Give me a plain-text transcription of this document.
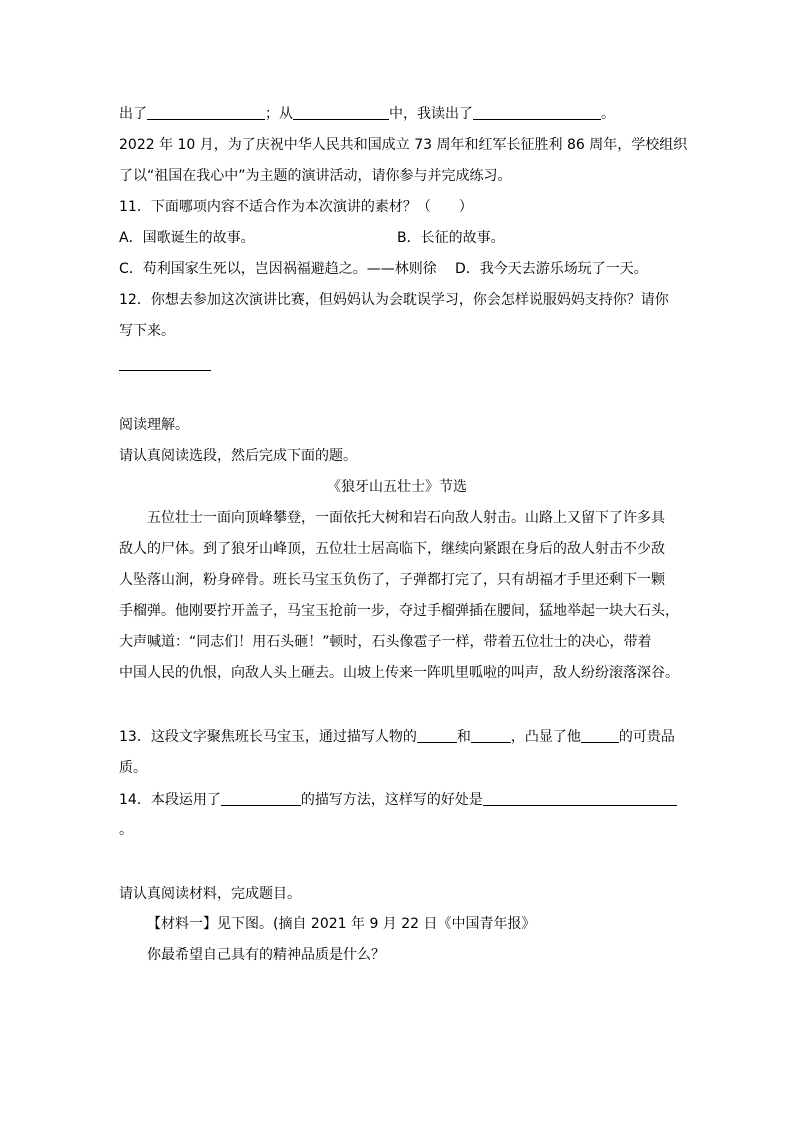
出了	；从	中，我读出了	。
2022 年 10 月，为了庆祝中华人民共和国成立 73 周年和红军长征胜利 86 周年，学校组织
了以“祖国在我心中”为主题的演讲活动，请你参与并完成练习。
11．下面哪项内容不适合作为本次演讲的素材？（　　）
A．国歌诞生的故事。	B．长征的故事。
C．苟利国家生死以，岂因祸福避趋之。——林则徐 D．我今天去游乐场玩了一天。
12．你想去参加这次演讲比赛，但妈妈认为会耽误学习，你会怎样说服妈妈支持你？请你
写下来。
阅读理解。
请认真阅读选段，然后完成下面的题。
《狼牙山五壮士》节选
五位壮士一面向顶峰攀登，一面依托大树和岩石向敌人射击。山路上又留下了许多具
敌人的尸体。到了狼牙山峰顶，五位壮士居高临下，继续向紧跟在身后的敌人射击不少敌
人坠落山涧，粉身碎骨。班长马宝玉负伤了，子弹都打完了，只有胡福才手里还剩下一颗
手榴弹。他刚要拧开盖子，马宝玉抢前一步，夺过手榴弹插在腰间，猛地举起一块大石头，
大声喊道：“同志们！用石头砸！”顿时，石头像雹子一样，带着五位壮士的决心，带着
中国人民的仇恨，向敌人头上砸去。山坡上传来一阵叽里呱啦的叫声，敌人纷纷滚落深谷。
13．这段文字聚焦班长马宝玉，通过描写人物的	和	，凸显了他	的可贵品
质。
14．本段运用了	的描写方法，这样写的好处是
。
请认真阅读材料，完成题目。
【材料一】见下图。(摘自 2021 年 9 月 22 日《中国青年报》
你最希望自己具有的精神品质是什么？
